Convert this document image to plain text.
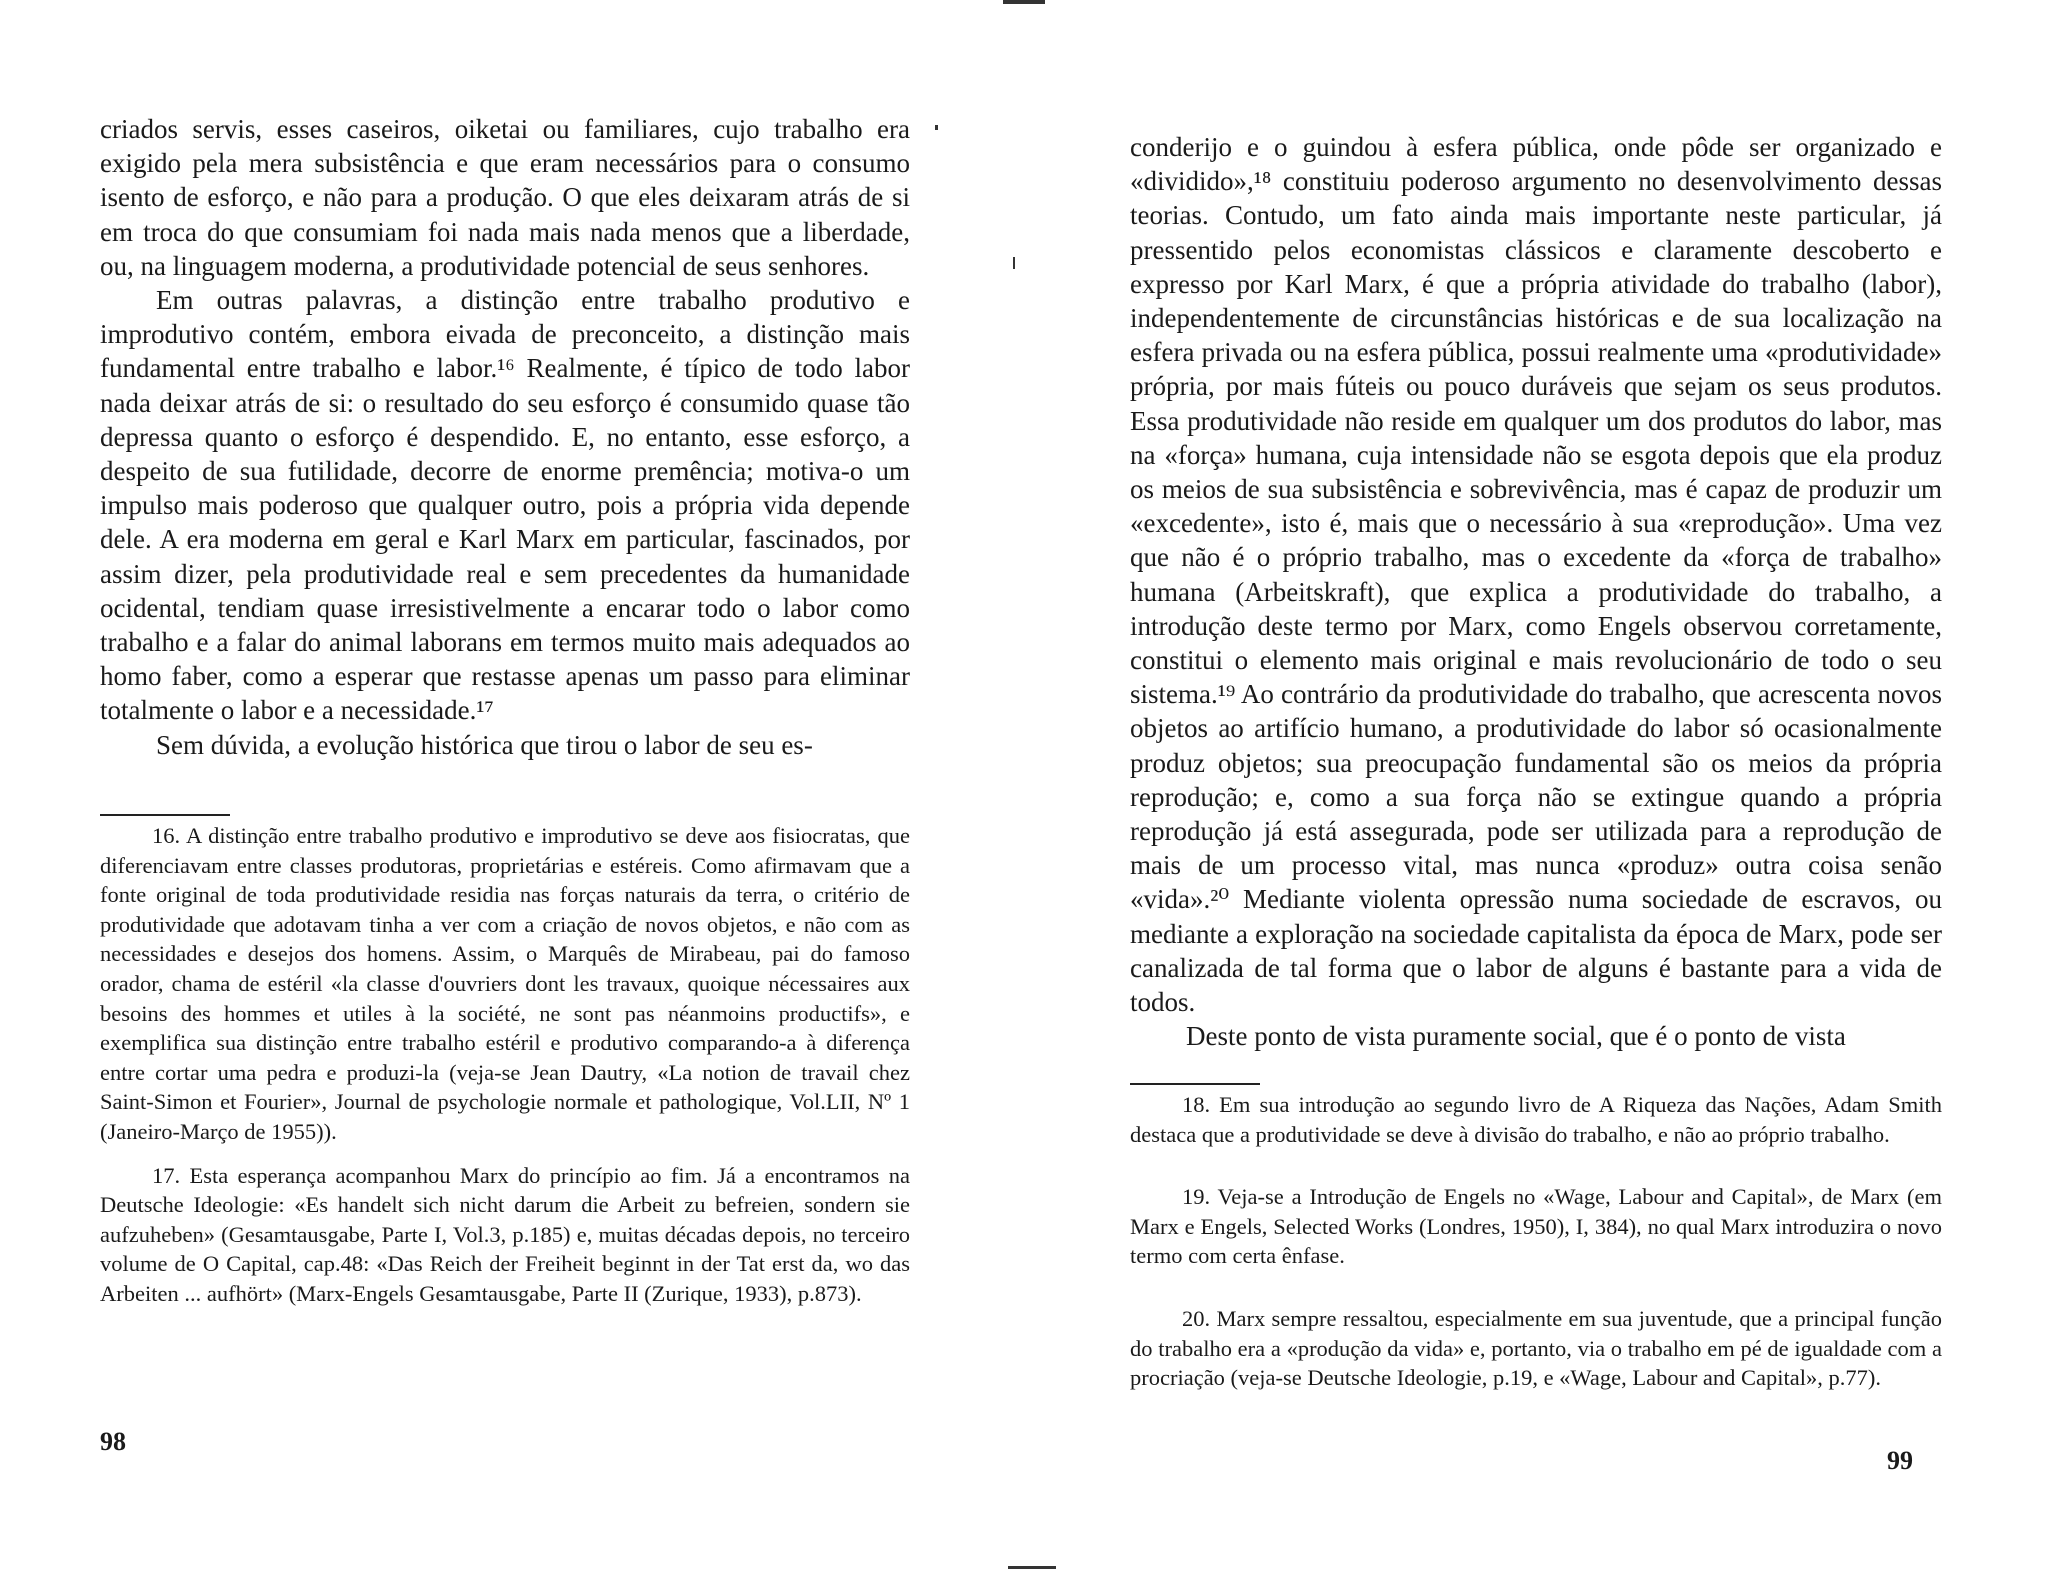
criados servis, esses caseiros, oiketai ou familiares, cujo trabalho era exigido pela mera subsistência e que eram necessários para o consumo isento de esforço, e não para a produção. O que eles deixaram atrás de si em troca do que consumiam foi nada mais nada menos que a liberdade, ou, na linguagem moderna, a produtividade potencial de seus senhores.

Em outras palavras, a distinção entre trabalho produtivo e improdutivo contém, embora eivada de preconceito, a distinção mais fundamental entre trabalho e labor.¹⁶ Realmente, é típico de todo labor nada deixar atrás de si: o resultado do seu esforço é consumido quase tão depressa quanto o esforço é despendido. E, no entanto, esse esforço, a despeito de sua futilidade, decorre de enorme premência; motiva-o um impulso mais poderoso que qualquer outro, pois a própria vida depende dele. A era moderna em geral e Karl Marx em particular, fascinados, por assim dizer, pela produtividade real e sem precedentes da humanidade ocidental, tendiam quase irresistivelmente a encarar todo o labor como trabalho e a falar do animal laborans em termos muito mais adequados ao homo faber, como a esperar que restasse apenas um passo para eliminar totalmente o labor e a necessidade.¹⁷

Sem dúvida, a evolução histórica que tirou o labor de seu es-

16. A distinção entre trabalho produtivo e improdutivo se deve aos fisiocratas, que diferenciavam entre classes produtoras, proprietárias e estéreis. Como afirmavam que a fonte original de toda produtividade residia nas forças naturais da terra, o critério de produtividade que adotavam tinha a ver com a criação de novos objetos, e não com as necessidades e desejos dos homens. Assim, o Marquês de Mirabeau, pai do famoso orador, chama de estéril «la classe d'ouvriers dont les travaux, quoique nécessaires aux besoins des hommes et utiles à la société, ne sont pas néanmoins productifs», e exemplifica sua distinção entre trabalho estéril e produtivo comparando-a à diferença entre cortar uma pedra e produzi-la (veja-se Jean Dautry, «La notion de travail chez Saint-Simon et Fourier», Journal de psychologie normale et pathologique, Vol.LII, Nº 1 (Janeiro-Março de 1955)).

17. Esta esperança acompanhou Marx do princípio ao fim. Já a encontramos na Deutsche Ideologie: «Es handelt sich nicht darum die Arbeit zu befreien, sondern sie aufzuheben» (Gesamtausgabe, Parte I, Vol.3, p.185) e, muitas décadas depois, no terceiro volume de O Capital, cap.48: «Das Reich der Freiheit beginnt in der Tat erst da, wo das Arbeiten ... aufhört» (Marx-Engels Gesamtausgabe, Parte II (Zurique, 1933), p.873).

98

conderijo e o guindou à esfera pública, onde pôde ser organizado e «dividido»,¹⁸ constituiu poderoso argumento no desenvolvimento dessas teorias. Contudo, um fato ainda mais importante neste particular, já pressentido pelos economistas clássicos e claramente descoberto e expresso por Karl Marx, é que a própria atividade do trabalho (labor), independentemente de circunstâncias históricas e de sua localização na esfera privada ou na esfera pública, possui realmente uma «produtividade» própria, por mais fúteis ou pouco duráveis que sejam os seus produtos. Essa produtividade não reside em qualquer um dos produtos do labor, mas na «força» humana, cuja intensidade não se esgota depois que ela produz os meios de sua subsistência e sobrevivência, mas é capaz de produzir um «excedente», isto é, mais que o necessário à sua «reprodução». Uma vez que não é o próprio trabalho, mas o excedente da «força de trabalho» humana (Arbeitskraft), que explica a produtividade do trabalho, a introdução deste termo por Marx, como Engels observou corretamente, constitui o elemento mais original e mais revolucionário de todo o seu sistema.¹⁹ Ao contrário da produtividade do trabalho, que acrescenta novos objetos ao artifício humano, a produtividade do labor só ocasionalmente produz objetos; sua preocupação fundamental são os meios da própria reprodução; e, como a sua força não se extingue quando a própria reprodução já está assegurada, pode ser utilizada para a reprodução de mais de um processo vital, mas nunca «produz» outra coisa senão «vida».²⁰ Mediante violenta opressão numa sociedade de escravos, ou mediante a exploração na sociedade capitalista da época de Marx, pode ser canalizada de tal forma que o labor de alguns é bastante para a vida de todos.

Deste ponto de vista puramente social, que é o ponto de vista

18. Em sua introdução ao segundo livro de A Riqueza das Nações, Adam Smith destaca que a produtividade se deve à divisão do trabalho, e não ao próprio trabalho.

19. Veja-se a Introdução de Engels no «Wage, Labour and Capital», de Marx (em Marx e Engels, Selected Works (Londres, 1950), I, 384), no qual Marx introduzira o novo termo com certa ênfase.

20. Marx sempre ressaltou, especialmente em sua juventude, que a principal função do trabalho era a «produção da vida» e, portanto, via o trabalho em pé de igualdade com a procriação (veja-se Deutsche Ideologie, p.19, e «Wage, Labour and Capital», p.77).

99
